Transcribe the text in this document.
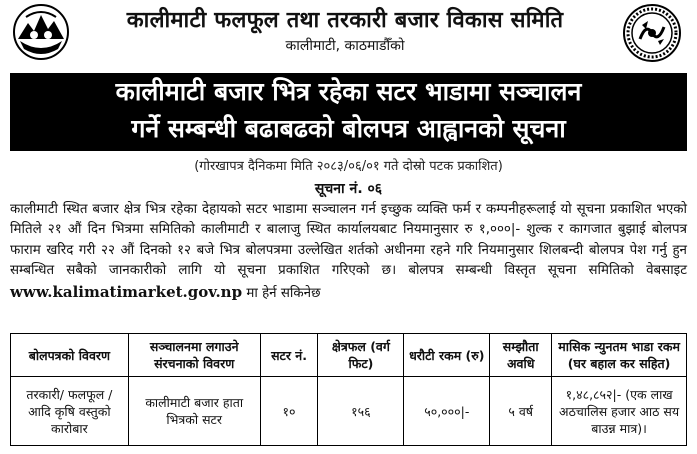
कालीमाटी फलफूल तथा तरकारी बजार विकास समिति
कालीमाटी, काठमाडौँको
कालीमाटी बजार भित्र रहेका सटर भाडामा सञ्चालन
गर्ने सम्बन्धी बढाबढको बोलपत्र आह्वानको सूचना
(गोरखापत्र दैनिकमा मिति २०८३/०६/०१ गते दोस्रो पटक प्रकाशित)
सूचना नं. ०६
कालीमाटी स्थित बजार क्षेत्र भित्र रहेका देहायको सटर भाडामा सञ्चालन गर्न इच्छुक व्यक्ति फर्म र कम्पनीहरूलाई यो सूचना प्रकाशित भएको मितिले २१ औं दिन भित्रमा समितिको कालीमाटी र बालाजु स्थित कार्यालयबाट नियमानुसार रु १,०००|- शुल्क र कागजात बुझाई बोलपत्र फाराम खरिद गरी २२ औं दिनको १२ बजे भित्र बोलपत्रमा उल्लेखित शर्तको अधीनमा रहने गरि नियमानुसार शिलबन्दी बोलपत्र पेश गर्नु हुन सम्बन्धित सबैको जानकारीको लागि यो सूचना प्रकाशित गरिएको छ। बोलपत्र सम्बन्धी विस्तृत सूचना समितिको वेबसाइट www.kalimatimarket.gov.np मा हेर्न सकिनेछ
बोलपत्रको विवरण	सञ्चालनमा लगाउने संरचनाको विवरण	सटर नं.	क्षेत्रफल (वर्ग फिट)	धरौटी रकम (रु)	सम्झौता अवधि	मासिक न्युनतम भाडा रकम (घर बहाल कर सहित)
तरकारी/ फलफूल / आदि कृषि वस्तुको कारोबार	कालीमाटी बजार हाता भित्रको सटर	१०	१५६	५०,०००|-	५ वर्ष	१,४८,८५२|- (एक लाख अठचालिस हजार आठ सय बाउन्न मात्र)।
